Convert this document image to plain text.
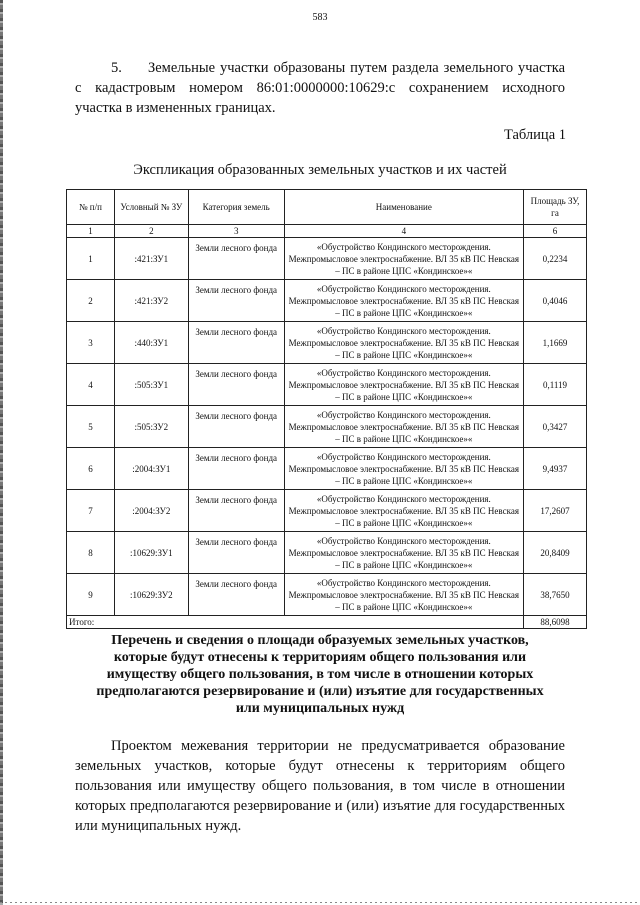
583
5. Земельные участки образованы путем раздела земельного участка с кадастровым номером 86:01:0000000:10629:с сохранением исходного участка в измененных границах.
Таблица 1
Экспликация образованных земельных участков и их частей
№ п/п	Условный № ЗУ	Категория земель	Наименование	Площадь ЗУ, га
1	2	3	4	6
1	:421:ЗУ1	Земли лесного фонда	«Обустройство Кондинского месторождения. Межпромысловое электроснабжение. ВЛ 35 кВ ПС Невская – ПС в районе ЦПС «Кондинское»«	0,2234
2	:421:ЗУ2	Земли лесного фонда	«Обустройство Кондинского месторождения. Межпромысловое электроснабжение. ВЛ 35 кВ ПС Невская – ПС в районе ЦПС «Кондинское»«	0,4046
3	:440:ЗУ1	Земли лесного фонда	«Обустройство Кондинского месторождения. Межпромысловое электроснабжение. ВЛ 35 кВ ПС Невская – ПС в районе ЦПС «Кондинское»«	1,1669
4	:505:ЗУ1	Земли лесного фонда	«Обустройство Кондинского месторождения. Межпромысловое электроснабжение. ВЛ 35 кВ ПС Невская – ПС в районе ЦПС «Кондинское»«	0,1119
5	:505:ЗУ2	Земли лесного фонда	«Обустройство Кондинского месторождения. Межпромысловое электроснабжение. ВЛ 35 кВ ПС Невская – ПС в районе ЦПС «Кондинское»«	0,3427
6	:2004:ЗУ1	Земли лесного фонда	«Обустройство Кондинского месторождения. Межпромысловое электроснабжение. ВЛ 35 кВ ПС Невская – ПС в районе ЦПС «Кондинское»«	9,4937
7	:2004:ЗУ2	Земли лесного фонда	«Обустройство Кондинского месторождения. Межпромысловое электроснабжение. ВЛ 35 кВ ПС Невская – ПС в районе ЦПС «Кондинское»«	17,2607
8	:10629:ЗУ1	Земли лесного фонда	«Обустройство Кондинского месторождения. Межпромысловое электроснабжение. ВЛ 35 кВ ПС Невская – ПС в районе ЦПС «Кондинское»«	20,8409
9	:10629:ЗУ2	Земли лесного фонда	«Обустройство Кондинского месторождения. Межпромысловое электроснабжение. ВЛ 35 кВ ПС Невская – ПС в районе ЦПС «Кондинское»«	38,7650
Итого:				88,6098
Перечень и сведения о площади образуемых земельных участков, которые будут отнесены к территориям общего пользования или имуществу общего пользования, в том числе в отношении которых предполагаются резервирование и (или) изъятие для государственных или муниципальных нужд
Проектом межевания территории не предусматривается образование земельных участков, которые будут отнесены к территориям общего пользования или имуществу общего пользования, в том числе в отношении которых предполагаются резервирование и (или) изъятие для государственных или муниципальных нужд.
